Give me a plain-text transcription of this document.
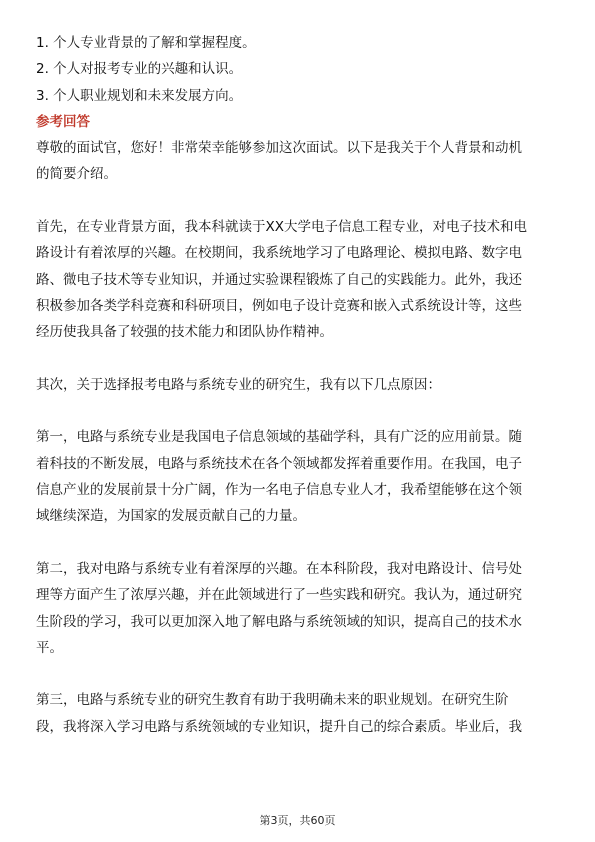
1. 个人专业背景的了解和掌握程度。
2. 个人对报考专业的兴趣和认识。
3. 个人职业规划和未来发展方向。
参考回答
尊敬的面试官，您好！非常荣幸能够参加这次面试。以下是我关于个人背景和动机
的简要介绍。
首先，在专业背景方面，我本科就读于XX大学电子信息工程专业，对电子技术和电
路设计有着浓厚的兴趣。在校期间，我系统地学习了电路理论、模拟电路、数字电
路、微电子技术等专业知识，并通过实验课程锻炼了自己的实践能力。此外，我还
积极参加各类学科竞赛和科研项目，例如电子设计竞赛和嵌入式系统设计等，这些
经历使我具备了较强的技术能力和团队协作精神。
其次，关于选择报考电路与系统专业的研究生，我有以下几点原因：
第一，电路与系统专业是我国电子信息领域的基础学科，具有广泛的应用前景。随
着科技的不断发展，电路与系统技术在各个领域都发挥着重要作用。在我国，电子
信息产业的发展前景十分广阔，作为一名电子信息专业人才，我希望能够在这个领
域继续深造，为国家的发展贡献自己的力量。
第二，我对电路与系统专业有着深厚的兴趣。在本科阶段，我对电路设计、信号处
理等方面产生了浓厚兴趣，并在此领域进行了一些实践和研究。我认为，通过研究
生阶段的学习，我可以更加深入地了解电路与系统领域的知识，提高自己的技术水
平。
第三，电路与系统专业的研究生教育有助于我明确未来的职业规划。在研究生阶
段，我将深入学习电路与系统领域的专业知识，提升自己的综合素质。毕业后，我
第3页，共60页
